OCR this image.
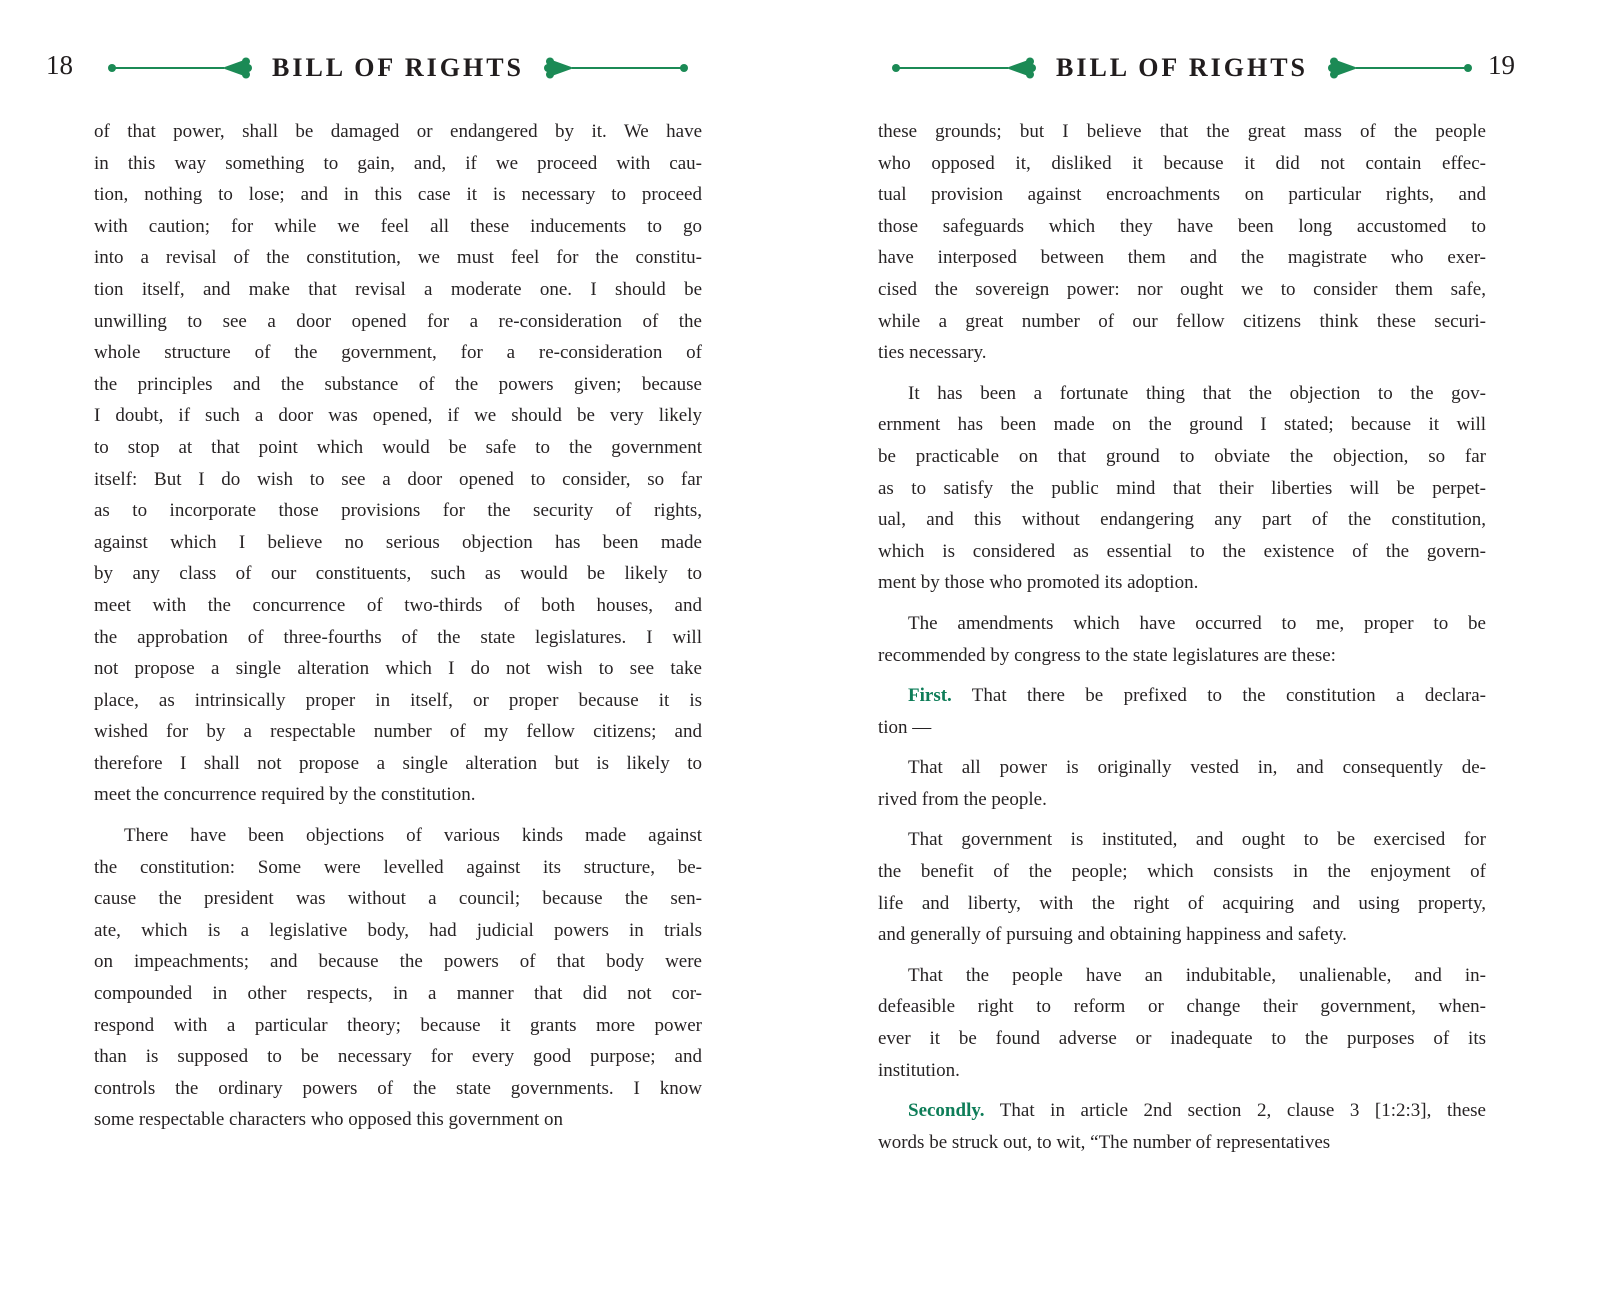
18	19
BILL OF RIGHTS
of that power, shall be damaged or endangered by it. We have
in this way something to gain, and, if we proceed with cau-
tion, nothing to lose; and in this case it is necessary to proceed
with caution; for while we feel all these inducements to go
into a revisal of the constitution, we must feel for the constitu-
tion itself, and make that revisal a moderate one. I should be
unwilling to see a door opened for a re-consideration of the
whole structure of the government, for a re-consideration of
the principles and the substance of the powers given; because
I doubt, if such a door was opened, if we should be very likely
to stop at that point which would be safe to the government
itself: But I do wish to see a door opened to consider, so far
as to incorporate those provisions for the security of rights,
against which I believe no serious objection has been made
by any class of our constituents, such as would be likely to
meet with the concurrence of two-thirds of both houses, and
the approbation of three-fourths of the state legislatures. I will
not propose a single alteration which I do not wish to see take
place, as intrinsically proper in itself, or proper because it is
wished for by a respectable number of my fellow citizens; and
therefore I shall not propose a single alteration but is likely to
meet the concurrence required by the constitution.
There have been objections of various kinds made against
the constitution: Some were levelled against its structure, be-
cause the president was without a council; because the sen-
ate, which is a legislative body, had judicial powers in trials
on impeachments; and because the powers of that body were
compounded in other respects, in a manner that did not cor-
respond with a particular theory; because it grants more power
than is supposed to be necessary for every good purpose; and
controls the ordinary powers of the state governments. I know
some respectable characters who opposed this government on
BILL OF RIGHTS
these grounds; but I believe that the great mass of the people
who opposed it, disliked it because it did not contain effec-
tual provision against encroachments on particular rights, and
those safeguards which they have been long accustomed to
have interposed between them and the magistrate who exer-
cised the sovereign power: nor ought we to consider them safe,
while a great number of our fellow citizens think these securi-
ties necessary.
It has been a fortunate thing that the objection to the gov-
ernment has been made on the ground I stated; because it will
be practicable on that ground to obviate the objection, so far
as to satisfy the public mind that their liberties will be perpet-
ual, and this without endangering any part of the constitution,
which is considered as essential to the existence of the govern-
ment by those who promoted its adoption.
The amendments which have occurred to me, proper to be
recommended by congress to the state legislatures are these:
First. That there be prefixed to the constitution a declara-
tion —
That all power is originally vested in, and consequently de-
rived from the people.
That government is instituted, and ought to be exercised for
the benefit of the people; which consists in the enjoyment of
life and liberty, with the right of acquiring and using property,
and generally of pursuing and obtaining happiness and safety.
That the people have an indubitable, unalienable, and in-
defeasible right to reform or change their government, when-
ever it be found adverse or inadequate to the purposes of its
institution.
Secondly. That in article 2nd section 2, clause 3 [1:2:3], these
words be struck out, to wit, “The number of representatives
